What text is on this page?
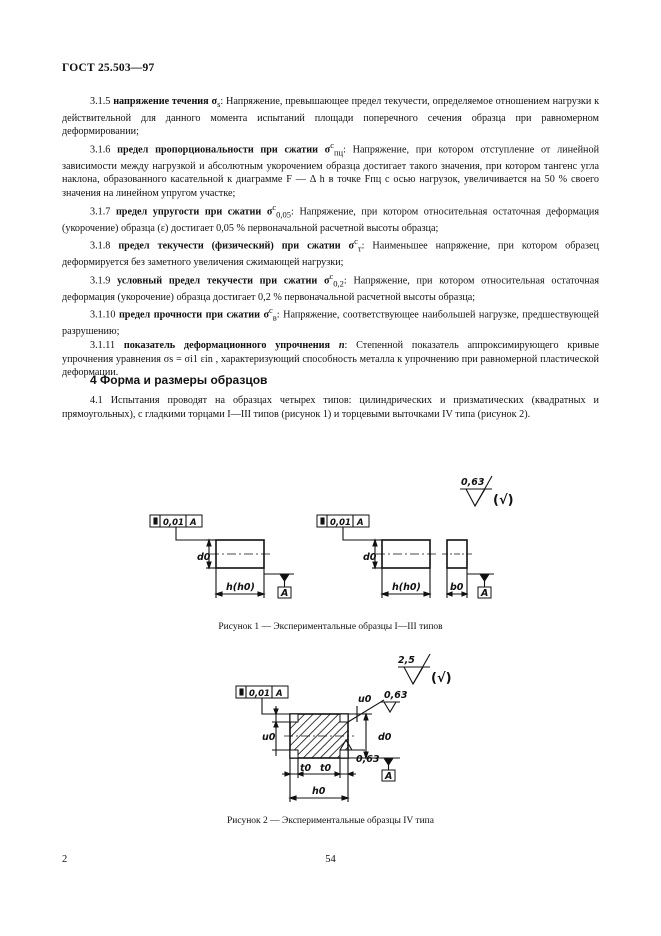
ГОСТ 25.503—97

3.1.5 напряжение течения $\sigma_s$: Напряжение, превышающее предел текучести, определяемое отношением нагрузки к действительной для данного момента испытаний площади поперечного сечения образца при равномерном деформировании;

3.1.6 предел пропорциональности при сжатии $\sigma^с_{пц}$: Напряжение, при котором отступление от линейной зависимости между нагрузкой и абсолютным укорочением образца достигает такого значения, при котором тангенс угла наклона, образованного касательной к диаграмме F — Δ h в точке Fпц с осью нагрузок, увеличивается на 50 % своего значения на линейном упругом участке;

3.1.7 предел упругости при сжатии $\sigma^с_{0,05}$: Напряжение, при котором относительная остаточная деформация (укорочение) образца (ε) достигает 0,05 % первоначальной расчетной высоты образца;

3.1.8 предел текучести (физический) при сжатии $\sigma^с_т$: Наименьшее напряжение, при котором образец деформируется без заметного увеличения сжимающей нагрузки;

3.1.9 условный предел текучести при сжатии $\sigma^с_{0,2}$: Напряжение, при котором относительная остаточная деформация (укорочение) образца достигает 0,2 % первоначальной расчетной высоты образца;

3.1.10 предел прочности при сжатии $\sigma^с_в$: Напряжение, соответствующее наибольшей нагрузке, предшествующей разрушению;

3.1.11 показатель деформационного упрочнения n: Степенной показатель аппроксимирующего кривые упрочнения уравнения σs = σi1 εin , характеризующий способность металла к упрочнению при равномерной пластической деформации.

4 Форма и размеры образцов

4.1 Испытания проводят на образцах четырех типов: цилиндрических и призматических (квадратных и прямоугольных), с гладкими торцами I—III типов (рисунок 1) и торцевыми выточками IV типа (рисунок 2).

0,63
(√)
0,01 A
d0
h(h0)
A
0,01 A
d0
h(h0)	b0
A
2,5
(√)
0,01 A
u0	d0
u0 0,63
0,63
A
t0 t0
h0
Рисунок 1 — Экспериментальные образцы I—III типов
Рисунок 2 — Экспериментальные образцы IV типа
2	54
